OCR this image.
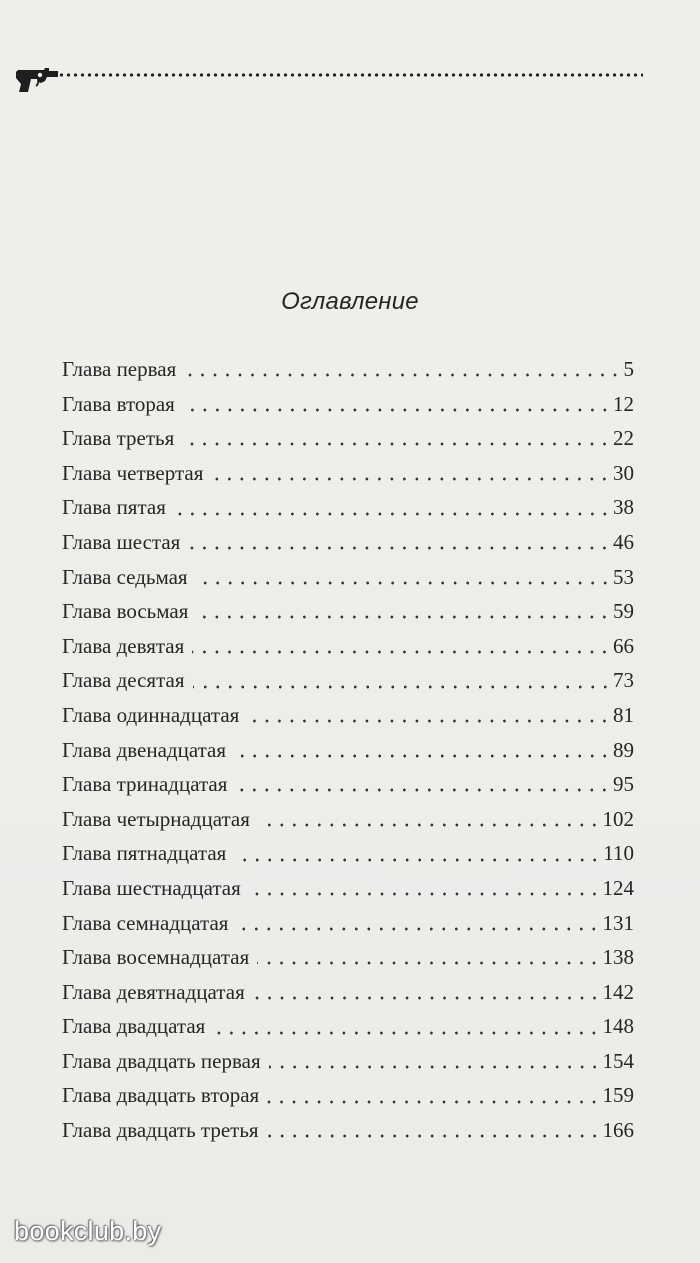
Оглавление
Глава первая	5
Глава вторая	12
Глава третья	22
Глава четвертая	30
Глава пятая	38
Глава шестая	46
Глава седьмая	53
Глава восьмая	59
Глава девятая	66
Глава десятая	73
Глава одиннадцатая	81
Глава двенадцатая	89
Глава тринадцатая	95
Глава четырнадцатая	102
Глава пятнадцатая	110
Глава шестнадцатая	124
Глава семнадцатая	131
Глава восемнадцатая	138
Глава девятнадцатая	142
Глава двадцатая	148
Глава двадцать первая	154
Глава двадцать вторая	159
Глава двадцать третья	166
bookclub.by
